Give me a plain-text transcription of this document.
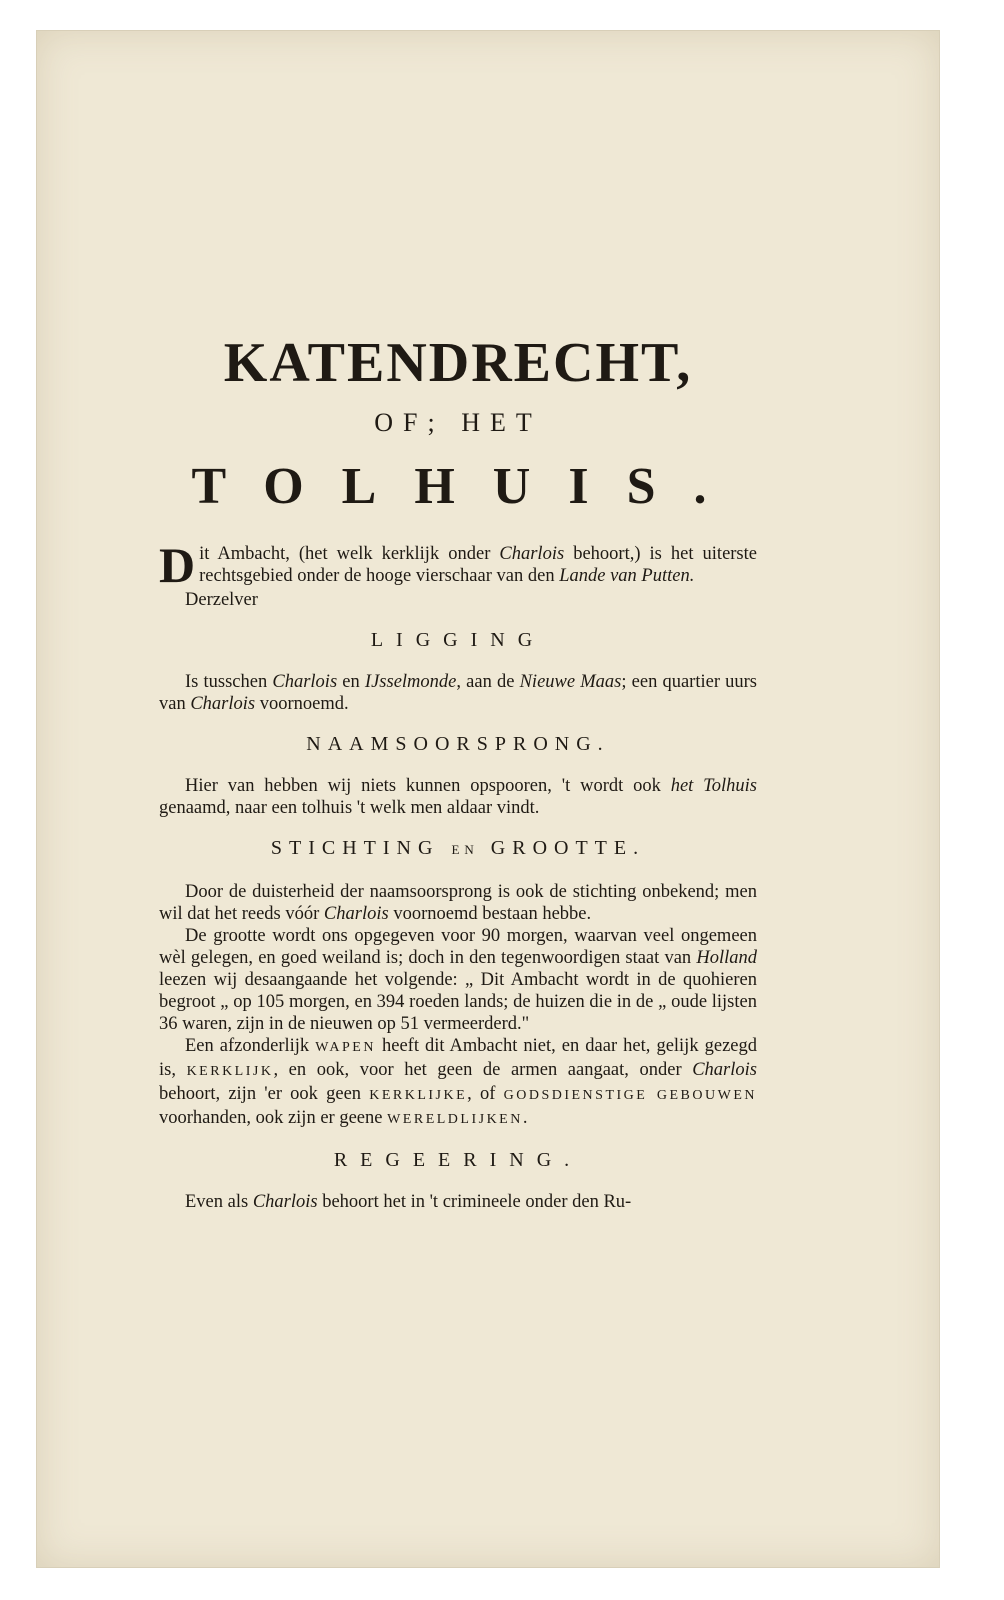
KATENDRECHT,
OF; HET
TOLHUIS.

D it Ambacht, (het welk kerklijk onder Charlois behoort,) is het uiterste rechtsgebied onder de hooge vierschaar van den Lande van Putten.

Derzelver

LIGGING

Is tusschen Charlois en IJsselmonde, aan de Nieuwe Maas; een quartier uurs van Charlois voornoemd.

NAAMSOORSPRONG.

Hier van hebben wij niets kunnen opspooren, 't wordt ook het Tolhuis genaamd, naar een tolhuis 't welk men aldaar vindt.

STICHTING EN GROOTTE.

Door de duisterheid der naamsoorsprong is ook de stichting onbekend; men wil dat het reeds vóór Charlois voornoemd bestaan hebbe.

De grootte wordt ons opgegeven voor 90 morgen, waarvan veel ongemeen wèl gelegen, en goed weiland is; doch in den tegenwoordigen staat van Holland leezen wij desaangaande het volgende: „ Dit Ambacht wordt in de quohieren begroot „ op 105 morgen, en 394 roeden lands; de huizen die in de „ oude lijsten 36 waren, zijn in de nieuwen op 51 vermeerderd."

Een afzonderlijk WAPEN heeft dit Ambacht niet, en daar het, gelijk gezegd is, KERKLIJK, en ook, voor het geen de armen aangaat, onder Charlois behoort, zijn 'er ook geen KERKLIJKE, of GODSDIENSTIGE GEBOUWEN voorhanden, ook zijn er geene WERELDLIJKEN.

REGEERING.

Even als Charlois behoort het in 't crimineele onder den Ru-
